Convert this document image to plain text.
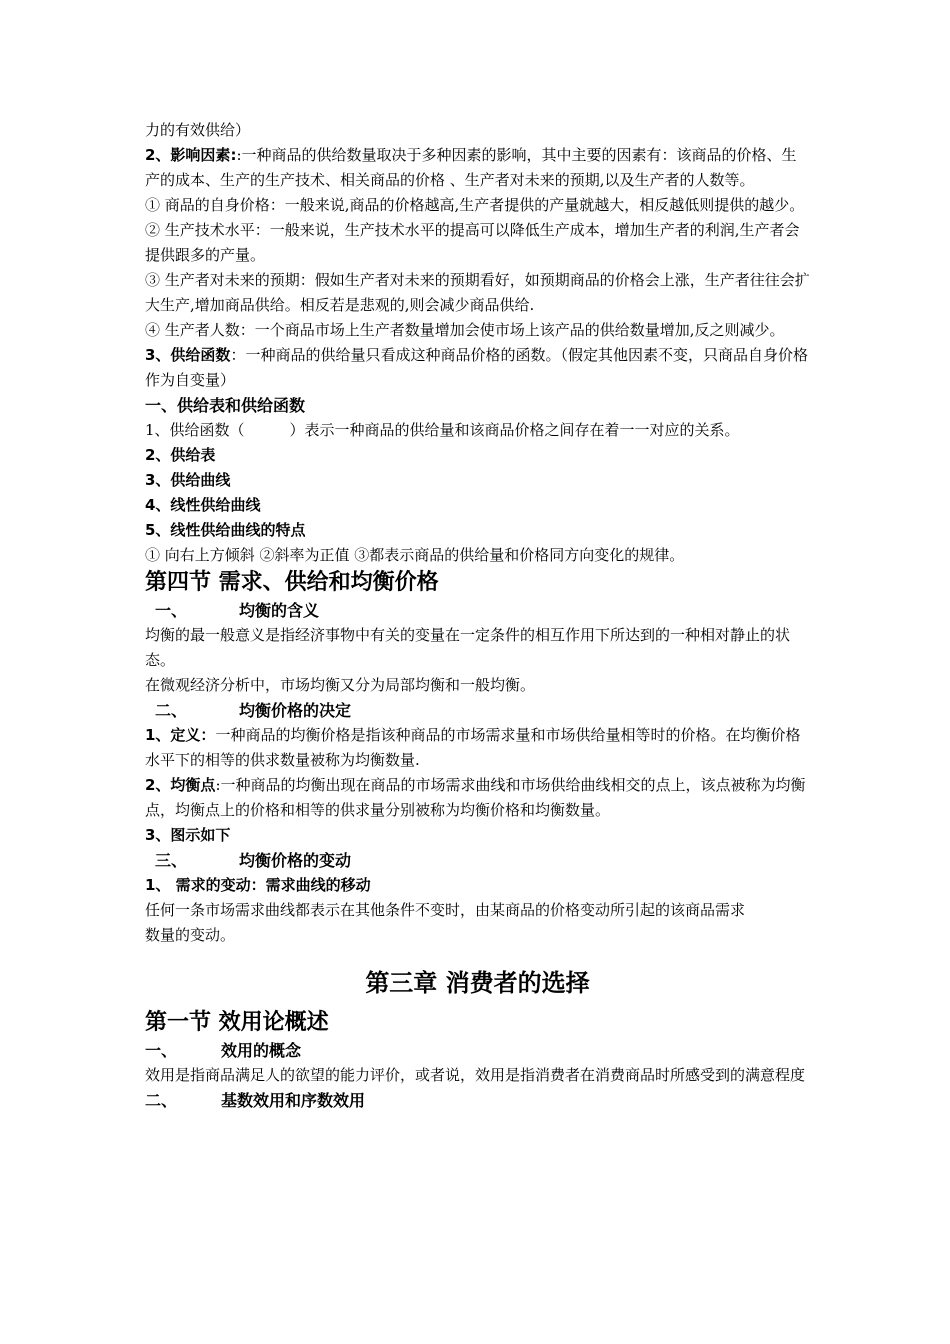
力的有效供给）

2、影响因素::一种商品的供给数量取决于多种因素的影响，其中主要的因素有：该商品的价格、生产的成本、生产的生产技术、相关商品的价格 、生产者对未来的预期,以及生产者的人数等。

① 商品的自身价格：一般来说,商品的价格越高,生产者提供的产量就越大，相反越低则提供的越少。

② 生产技术水平：一般来说，生产技术水平的提高可以降低生产成本，增加生产者的利润,生产者会提供跟多的产量。

③ 生产者对未来的预期：假如生产者对未来的预期看好，如预期商品的价格会上涨，生产者往往会扩大生产,增加商品供给。相反若是悲观的,则会减少商品供给.

④ 生产者人数：一个商品市场上生产者数量增加会使市场上该产品的供给数量增加,反之则减少。

3、供给函数：一种商品的供给量只看成这种商品价格的函数。（假定其他因素不变，只商品自身价格作为自变量）

一、供给表和供给函数

1、供给函数（　　　）表示一种商品的供给量和该商品价格之间存在着一一对应的关系。

2、供给表

3、供给曲线

4、线性供给曲线

5、线性供给曲线的特点

① 向右上方倾斜 ②斜率为正值 ③都表示商品的供给量和价格同方向变化的规律。

第四节 需求、供给和均衡价格

一、	均衡的含义

均衡的最一般意义是指经济事物中有关的变量在一定条件的相互作用下所达到的一种相对静止的状态。

在微观经济分析中，市场均衡又分为局部均衡和一般均衡。

二、	均衡价格的决定

1、定义：一种商品的均衡价格是指该种商品的市场需求量和市场供给量相等时的价格。在均衡价格 水平下的相等的供求数量被称为均衡数量.

2、均衡点:一种商品的均衡出现在商品的市场需求曲线和市场供给曲线相交的点上，该点被称为均衡点，均衡点上的价格和相等的供求量分别被称为均衡价格和均衡数量。

3、图示如下

三、	均衡价格的变动

1、 需求的变动：需求曲线的移动

任何一条市场需求曲线都表示在其他条件不变时，由某商品的价格变动所引起的该商品需求

数量的变动。

第三章 消费者的选择

第一节 效用论概述

一、	效用的概念

效用是指商品满足人的欲望的能力评价，或者说，效用是指消费者在消费商品时所感受到的满意程度

二、	基数效用和序数效用
